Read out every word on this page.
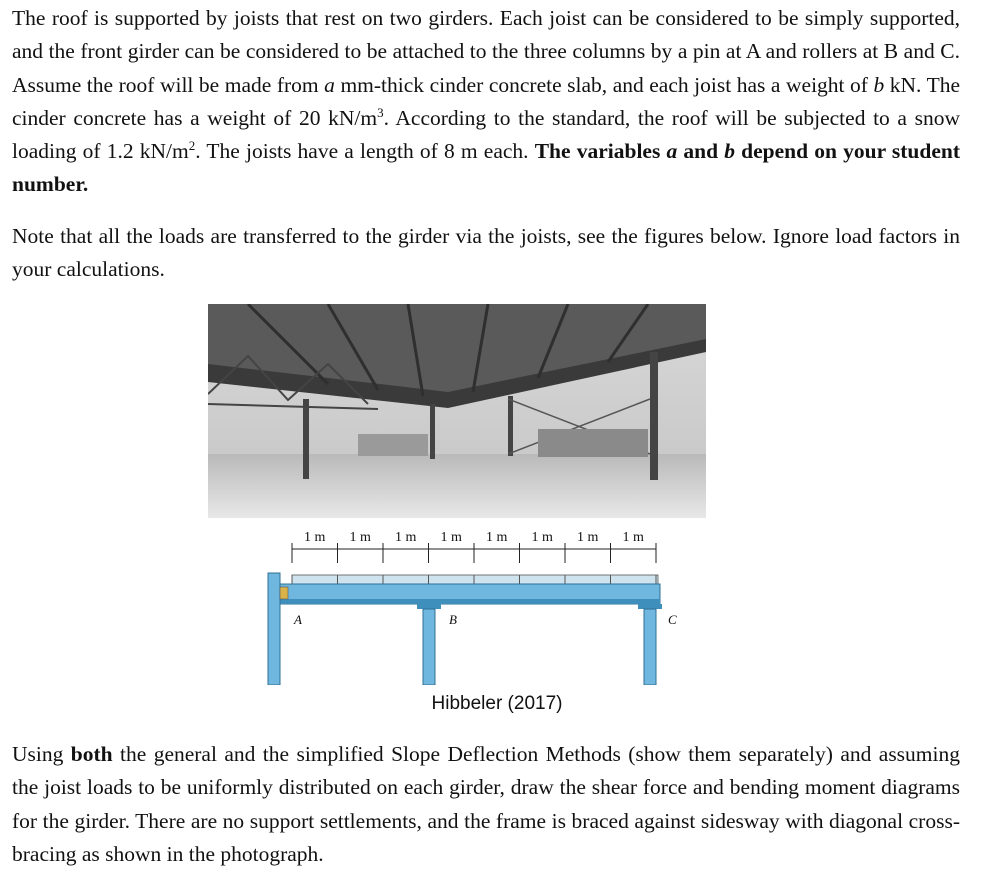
The roof is supported by joists that rest on two girders. Each joist can be considered to be simply supported, and the front girder can be considered to be attached to the three columns by a pin at A and rollers at B and C. Assume the roof will be made from a mm-thick cinder concrete slab, and each joist has a weight of b kN. The cinder concrete has a weight of 20 $kN/m^3$. According to the standard, the roof will be subjected to a snow loading of 1.2 $kN/m^2$. The joists have a length of 8 m each. The variables a and b depend on your student number.
Note that all the loads are transferred to the girder via the joists, see the figures below. Ignore load factors in your calculations.
1 m 1 m 1 m 1 m 1 m 1 m 1 m 1 m
A	B	C
Hibbeler (2017)
Using both the general and the simplified Slope Deflection Methods (show them separately) and assuming the joist loads to be uniformly distributed on each girder, draw the shear force and bending moment diagrams for the girder. There are no support settlements, and the frame is braced against sidesway with diagonal cross-bracing as shown in the photograph.
